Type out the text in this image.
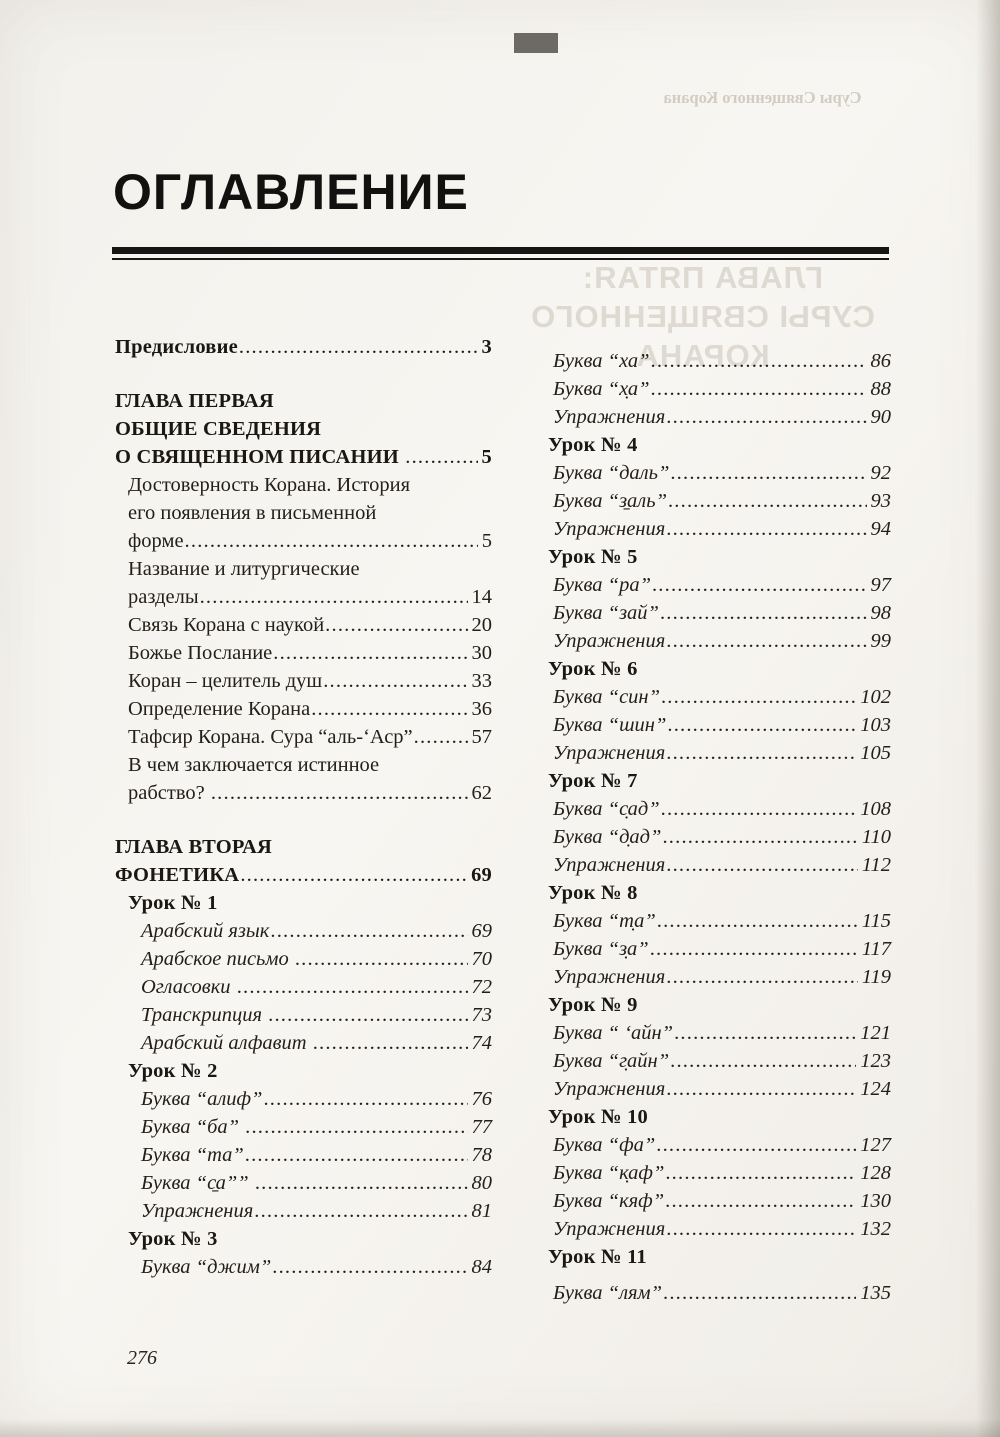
Суры Священного Корана
ГЛАВА ПЯТАЯ:
СУРЫ СВЯЩЕННОГО КОРАНА
ОГЛАВЛЕНИЕ
Предисловие .....	3
ГЛАВА ПЕРВАЯ
ОБЩИЕ СВЕДЕНИЯ
О СВЯЩЕННОМ ПИСАНИИ .....	5
Достоверность Корана. История
его появления в письменной
форме .....	5
Название и литургические
разделы .....	14
Связь Корана с наукой .....	20
Божье Послание .....	30
Коран – целитель душ .....	33
Определение Корана .....	36
Тафсир Корана. Сура “аль-‘Аср” .....	57
В чем заключается истинное
рабство? .....	62
ГЛАВА ВТОРАЯ
ФОНЕТИКА .....	69
Урок № 1
Арабский язык .....	69
Арабское письмо .....	70
Огласовки .....	72
Транскрипция .....	73
Арабский алфавит .....	74
Урок № 2
Буква “алиф” .....	76
Буква “ба” .....	77
Буква “та” .....	78
Буква “с̱а”” .....	80
Упражнения .....	81
Урок № 3
Буква “джим” .....	84
Буква “ха” .....	86
Буква “х̣а” .....	88
Упражнения .....	90
Урок № 4
Буква “даль” .....	92
Буква “з̱аль” .....	93
Упражнения .....	94
Урок № 5
Буква “ра” .....	97
Буква “зай” .....	98
Упражнения .....	99
Урок № 6
Буква “син” .....	102
Буква “шин” .....	103
Упражнения .....	105
Урок № 7
Буква “с̣ад” .....	108
Буква “д̣ад” .....	110
Упражнения .....	112
Урок № 8
Буква “т̣а” .....	115
Буква “з̣а” .....	117
Упражнения .....	119
Урок № 9
Буква “ ‘айн” .....	121
Буква “г̣айн” .....	123
Упражнения .....	124
Урок № 10
Буква “фа” .....	127
Буква “к̣аф” .....	128
Буква “кяф” .....	130
Упражнения .....	132
Урок № 11
Буква “лям” .....	135
276
